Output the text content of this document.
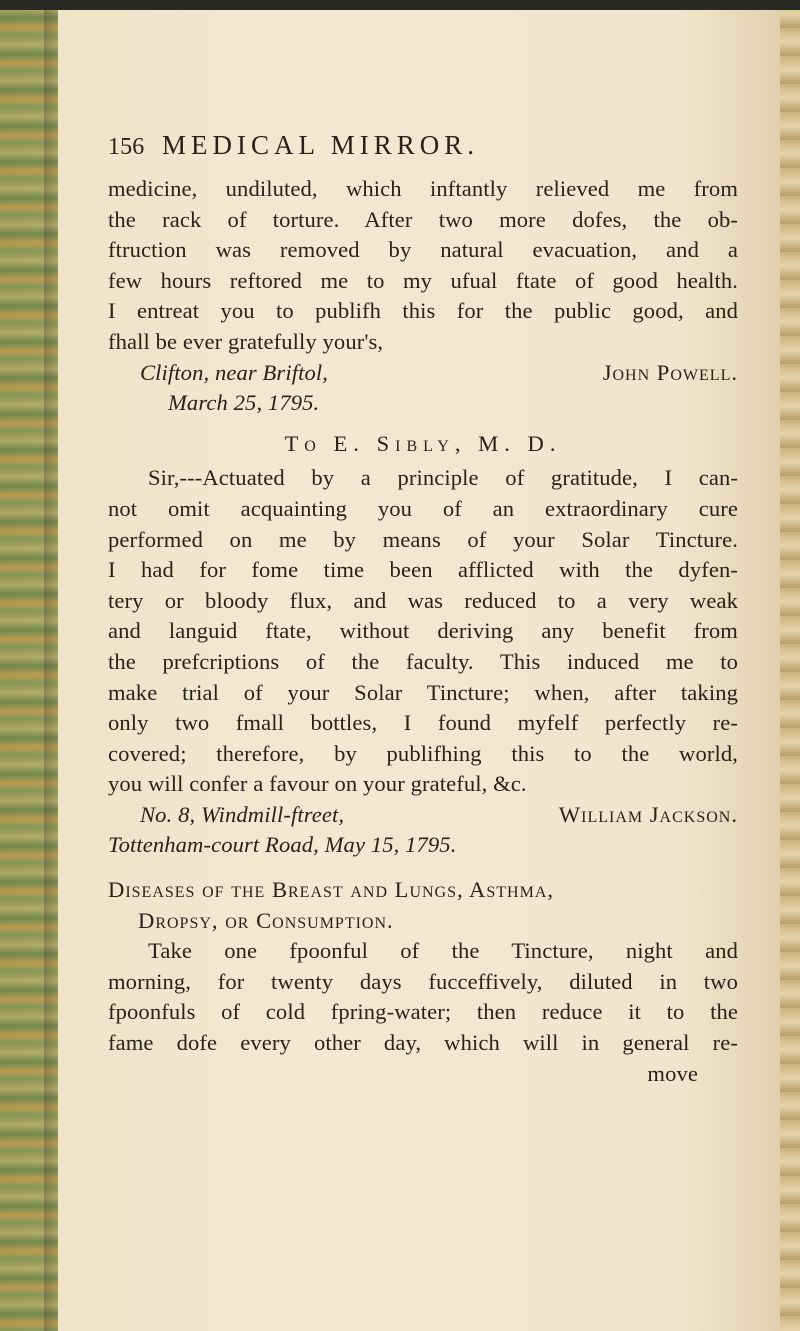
156 MEDICAL MIRROR.
medicine, undiluted, which inftantly relieved me from
the rack of torture. After two more dofes, the ob-
ftruction was removed by natural evacuation, and a
few hours reftored me to my ufual ftate of good health.
I entreat you to publifh this for the public good, and
fhall be ever gratefully your's,
Clifton, near Briftol,	John Powell.
March 25, 1795.
To E. Sibly, M. D.
Sir,---Actuated by a principle of gratitude, I can-
not omit acquainting you of an extraordinary cure
performed on me by means of your Solar Tincture.
I had for fome time been afflicted with the dyfen-
tery or bloody flux, and was reduced to a very weak
and languid ftate, without deriving any benefit from
the prefcriptions of the faculty. This induced me to
make trial of your Solar Tincture; when, after taking
only two fmall bottles, I found myfelf perfectly re-
covered; therefore, by publifhing this to the world,
you will confer a favour on your grateful, &c.
No. 8, Windmill-ftreet,	William Jackson.
Tottenham-court Road, May 15, 1795.
Diseases of the Breast and Lungs, Asthma,
Dropsy, or Consumption.
Take one fpoonful of the Tincture, night and
morning, for twenty days fucceffively, diluted in two
fpoonfuls of cold fpring-water; then reduce it to the
fame dofe every other day, which will in general re-
move
